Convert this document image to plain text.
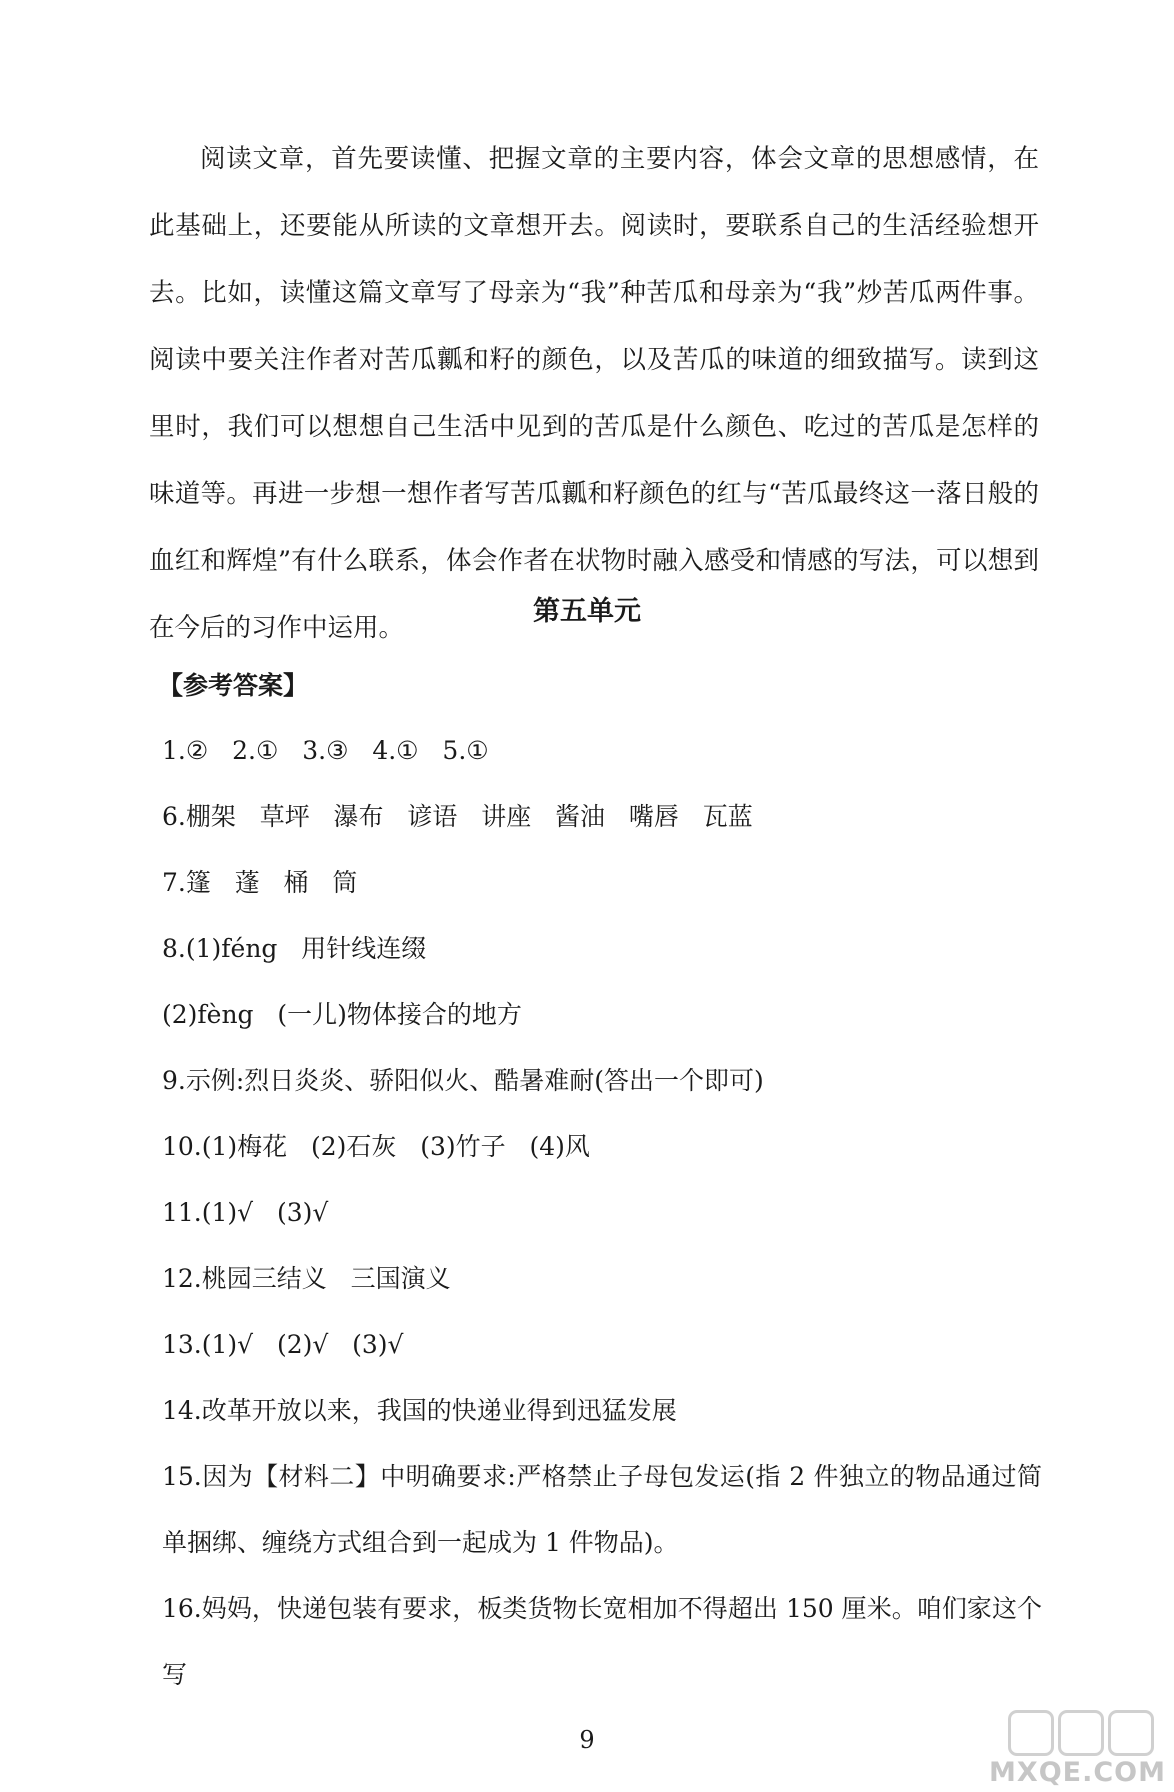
阅读文章，首先要读懂、把握文章的主要内容，体会文章的思想感情，在此基础上，还要能从所读的文章想开去。阅读时，要联系自己的生活经验想开去。比如，读懂这篇文章写了母亲为“我”种苦瓜和母亲为“我”炒苦瓜两件事。阅读中要关注作者对苦瓜瓤和籽的颜色，以及苦瓜的味道的细致描写。读到这里时，我们可以想想自己生活中见到的苦瓜是什么颜色、吃过的苦瓜是怎样的味道等。再进一步想一想作者写苦瓜瓤和籽颜色的红与“苦瓜最终这一落日般的血红和辉煌”有什么联系，体会作者在状物时融入感受和情感的写法，可以想到在今后的习作中运用。

第五单元
【参考答案】
1.②   2.①   3.③   4.①   5.①
6.棚架   草坪   瀑布   谚语   讲座   酱油   嘴唇   瓦蓝
7.篷   蓬   桶   筒
8.(1)féng   用针线连缀
(2)fèng   (一儿)物体接合的地方
9.示例:烈日炎炎、骄阳似火、酷暑难耐(答出一个即可)
10.(1)梅花   (2)石灰   (3)竹子   (4)风
11.(1)√   (3)√
12.桃园三结义   三国演义
13.(1)√   (2)√   (3)√
14.改革开放以来，我国的快递业得到迅猛发展
15.因为【材料二】中明确要求:严格禁止子母包发运(指 2 件独立的物品通过简单捆绑、缠绕方式组合到一起成为 1 件物品)。
16.妈妈，快递包装有要求，板类货物长宽相加不得超出 150 厘米。咱们家这个写
9
MXQE.COM
